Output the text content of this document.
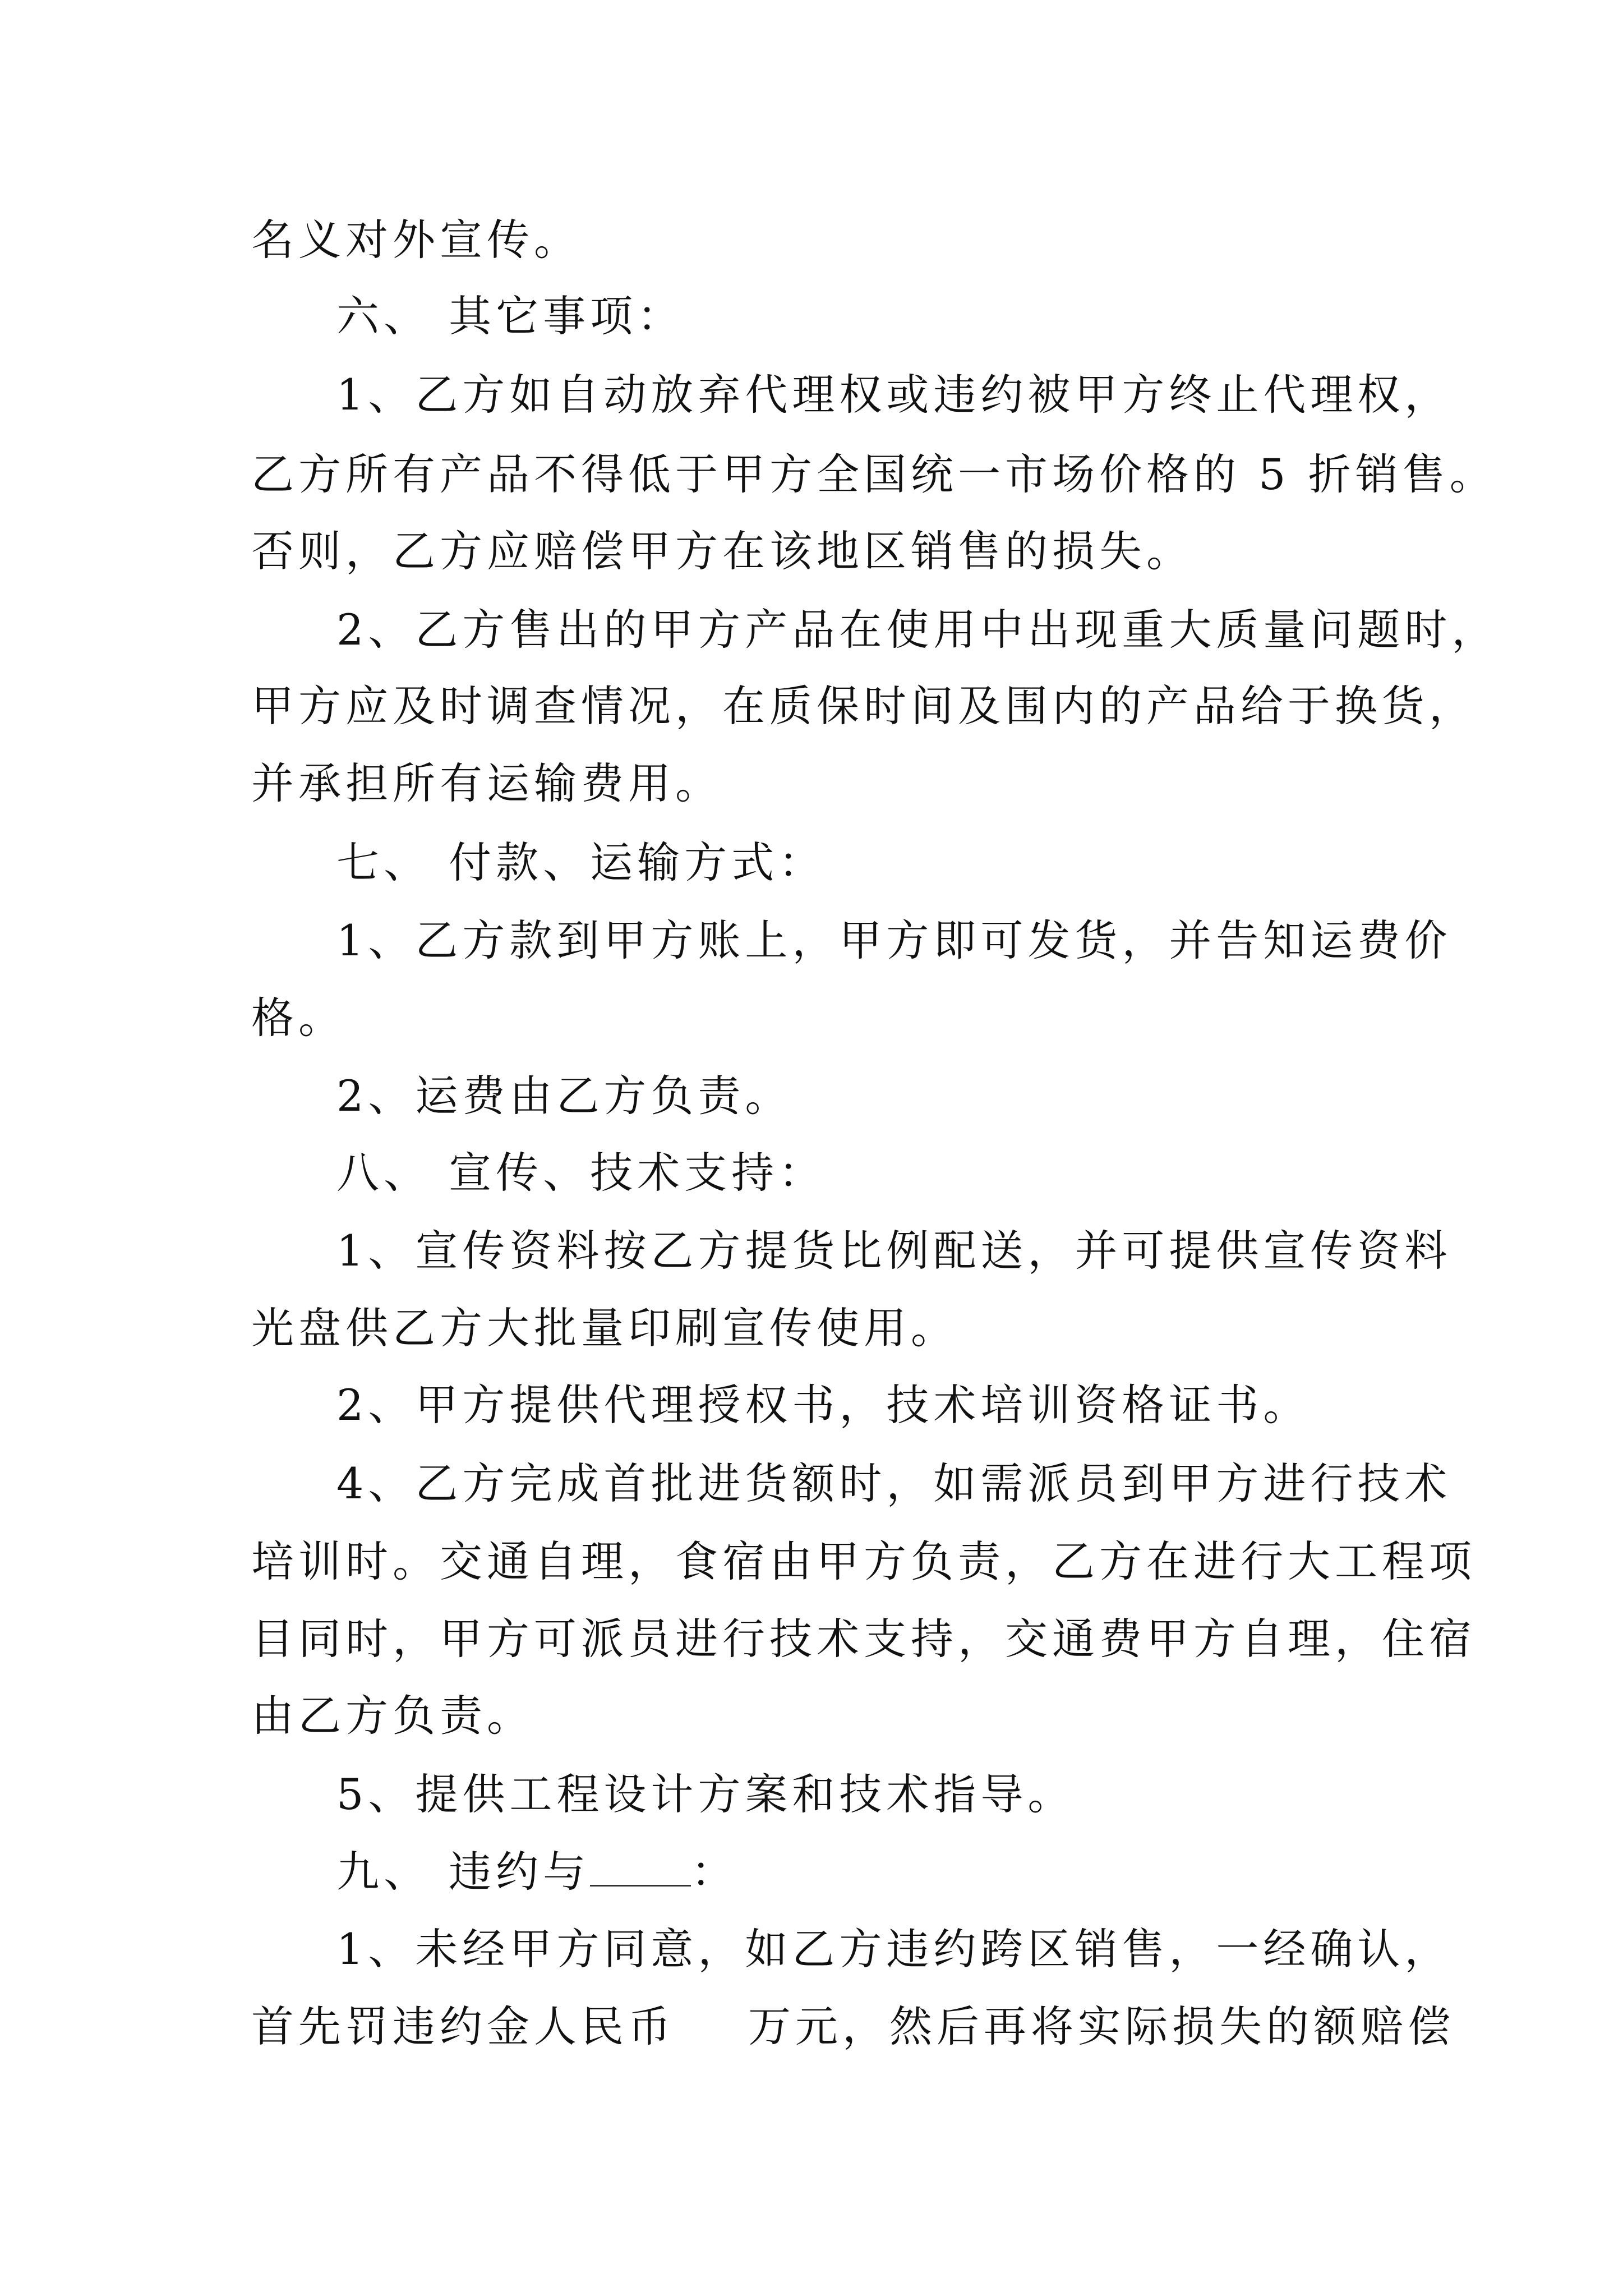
名义对外宣传。
六、 其它事项：
1、乙方如自动放弃代理权或违约被甲方终止代理权，
乙方所有产品不得低于甲方全国统一市场价格的 5 折销售。
否则，乙方应赔偿甲方在该地区销售的损失。
2、乙方售出的甲方产品在使用中出现重大质量问题时，
甲方应及时调查情况，在质保时间及围内的产品给于换货，
并承担所有运输费用。
七、 付款、运输方式：
1、乙方款到甲方账上，甲方即可发货，并告知运费价
格。
2、运费由乙方负责。
八、 宣传、技术支持：
1、宣传资料按乙方提货比例配送，并可提供宣传资料
光盘供乙方大批量印刷宣传使用。
2、甲方提供代理授权书，技术培训资格证书。
4、乙方完成首批进货额时，如需派员到甲方进行技术
培训时。交通自理，食宿由甲方负责，乙方在进行大工程项
目同时，甲方可派员进行技术支持，交通费甲方自理，住宿
由乙方负责。
5、提供工程设计方案和技术指导。
九、 违约与 ：
1、未经甲方同意，如乙方违约跨区销售，一经确认，
首先罚违约金人民币 万元，然后再将实际损失的额赔偿
